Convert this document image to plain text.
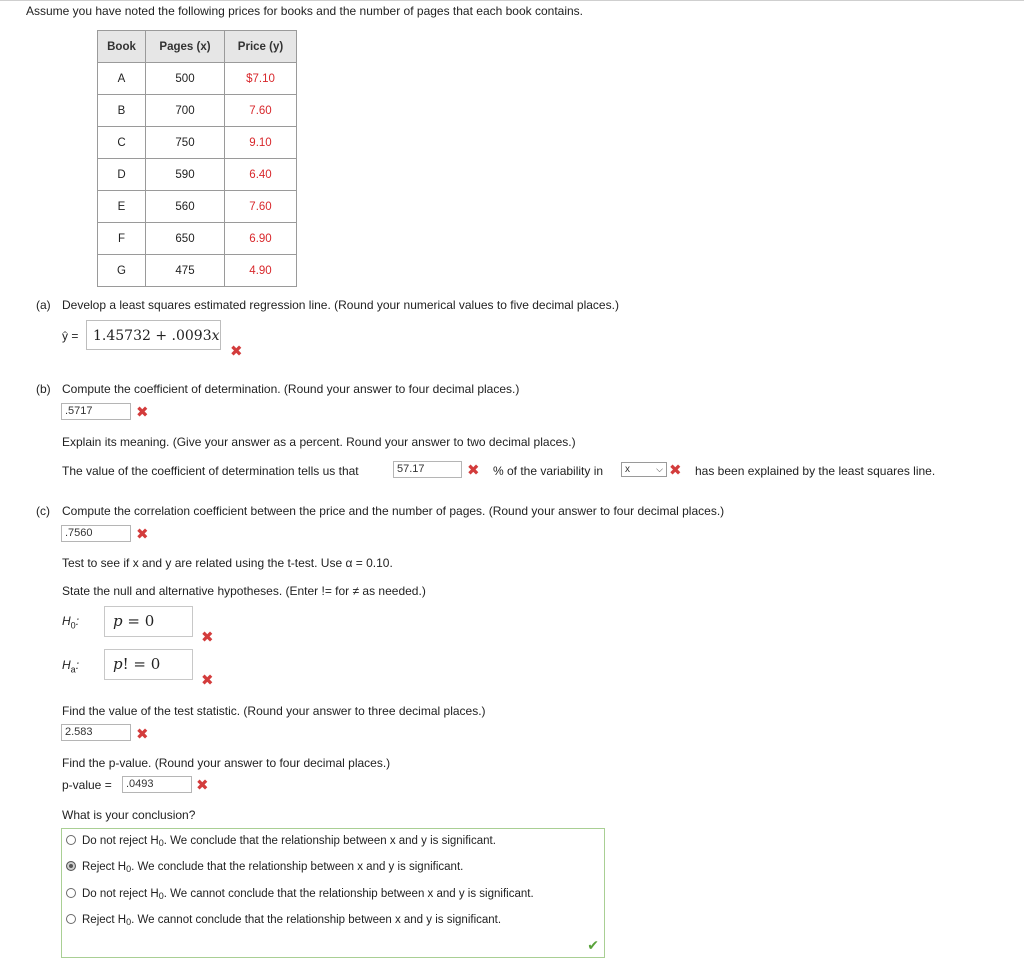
Assume you have noted the following prices for books and the number of pages that each book contains.
Book	Pages (x)	Price (y)
A	500	$7.10
B	700	7.60
C	750	9.10
D	590	6.40
E	560	7.60
F	650	6.90
G	475	4.90
(a) Develop a least squares estimated regression line. (Round your numerical values to five decimal places.)
ŷ =	1.45732 + .0093x
✖
(b) Compute the coefficient of determination. (Round your answer to four decimal places.)
.5717	✖
Explain its meaning. (Give your answer as a percent. Round your answer to two decimal places.)
The value of the coefficient of determination tells us that	57.17	✖ % of the variability in	x	⌵ ✖ has been explained by the least squares line.
(c) Compute the correlation coefficient between the price and the number of pages. (Round your answer to four decimal places.)
.7560	✖
Test to see if x and y are related using the t-test. Use α = 0.10.
State the null and alternative hypotheses. (Enter != for ≠ as needed.)
$H_0$:	p = 0
✖
$H_a$:	p! = 0
✖
Find the value of the test statistic. (Round your answer to three decimal places.)
2.583	✖
Find the p-value. (Round your answer to four decimal places.)
p-value =	.0493	✖
What is your conclusion?
Do not reject H0. We conclude that the relationship between x and y is significant.
Reject H0. We conclude that the relationship between x and y is significant.
Do not reject H0. We cannot conclude that the relationship between x and y is significant.
Reject H0. We cannot conclude that the relationship between x and y is significant.
✔
